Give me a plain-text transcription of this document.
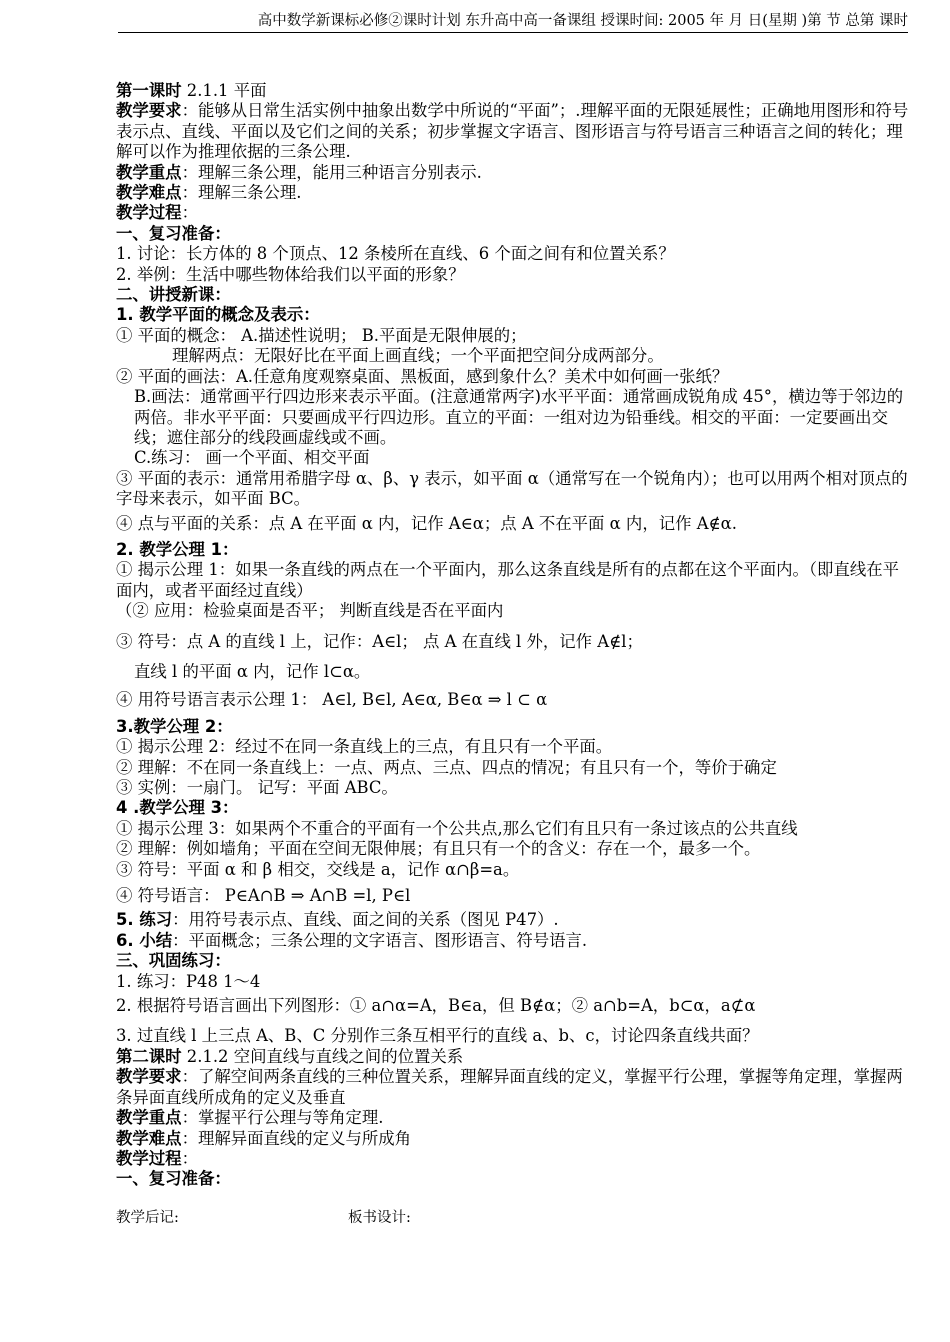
高中数学新课标必修②课时计划 东升高中高一备课组 授课时间: 2005 年 月 日(星期 )第 节 总第 课时
第一课时 2.1.1 平面
教学要求：能够从日常生活实例中抽象出数学中所说的“平面”；.理解平面的无限延展性；正确地用图形和符号表示点、直线、平面以及它们之间的关系；初步掌握文字语言、图形语言与符号语言三种语言之间的转化；理解可以作为推理依据的三条公理.
教学重点：理解三条公理，能用三种语言分别表示.
教学难点：理解三条公理.
教学过程：
一、复习准备：
1. 讨论：长方体的 8 个顶点、12 条棱所在直线、6 个面之间有和位置关系？
2. 举例：生活中哪些物体给我们以平面的形象？
二、讲授新课：
1. 教学平面的概念及表示：
① 平面的概念： A.描述性说明； B.平面是无限伸展的；
理解两点：无限好比在平面上画直线；一个平面把空间分成两部分。
② 平面的画法：A.任意角度观察桌面、黑板面，感到象什么？美术中如何画一张纸？
B.画法：通常画平行四边形来表示平面。(注意通常两字)水平平面：通常画成锐角成 45°，横边等于邻边的两倍。非水平平面：只要画成平行四边形。直立的平面：一组对边为铅垂线。相交的平面：一定要画出交线；遮住部分的线段画虚线或不画。
C.练习： 画一个平面、相交平面
③ 平面的表示：通常用希腊字母 α、β、γ 表示，如平面 α（通常写在一个锐角内）；也可以用两个相对顶点的字母来表示，如平面 BC。
④ 点与平面的关系：点 A 在平面 α 内，记作 A∈α；点 A 不在平面 α 内，记作 A∉α.
2. 教学公理 1：
① 揭示公理 1：如果一条直线的两点在一个平面内，那么这条直线是所有的点都在这个平面内。（即直线在平面内，或者平面经过直线）
（② 应用：检验桌面是否平； 判断直线是否在平面内
③ 符号：点 A 的直线 l 上，记作：A∈l； 点 A 在直线 l 外，记作 A∉l；
直线 l 的平面 α 内，记作 l⊂α。
④ 用符号语言表示公理 1： A∈l, B∈l, A∈α, B∈α ⇒ l ⊂ α
3.教学公理 2：
① 揭示公理 2：经过不在同一条直线上的三点，有且只有一个平面。
② 理解：不在同一条直线上：一点、两点、三点、四点的情况；有且只有一个，等价于确定
③ 实例：一扇门。 记写：平面 ABC。
4 .教学公理 3：
① 揭示公理 3：如果两个不重合的平面有一个公共点,那么它们有且只有一条过该点的公共直线
② 理解：例如墙角；平面在空间无限伸展；有且只有一个的含义：存在一个，最多一个。
③ 符号：平面 α 和 β 相交，交线是 a，记作 α∩β=a。
④ 符号语言： P∈A∩B ⇒ A∩B =l, P∈l
5. 练习：用符号表示点、直线、面之间的关系（图见 P47）.
6. 小结：平面概念；三条公理的文字语言、图形语言、符号语言.
三、巩固练习：
1. 练习：P48 1～4
2. 根据符号语言画出下列图形：① a∩α=A，B∈a，但 B∉α；② a∩b=A，b⊂α，a⊄α
3. 过直线 l 上三点 A、B、C 分别作三条互相平行的直线 a、b、c，讨论四条直线共面？
第二课时 2.1.2 空间直线与直线之间的位置关系
教学要求：了解空间两条直线的三种位置关系，理解异面直线的定义，掌握平行公理，掌握等角定理，掌握两条异面直线所成角的定义及垂直
教学重点：掌握平行公理与等角定理.
教学难点：理解异面直线的定义与所成角
教学过程：
一、复习准备：
教学后记:	板书设计:
